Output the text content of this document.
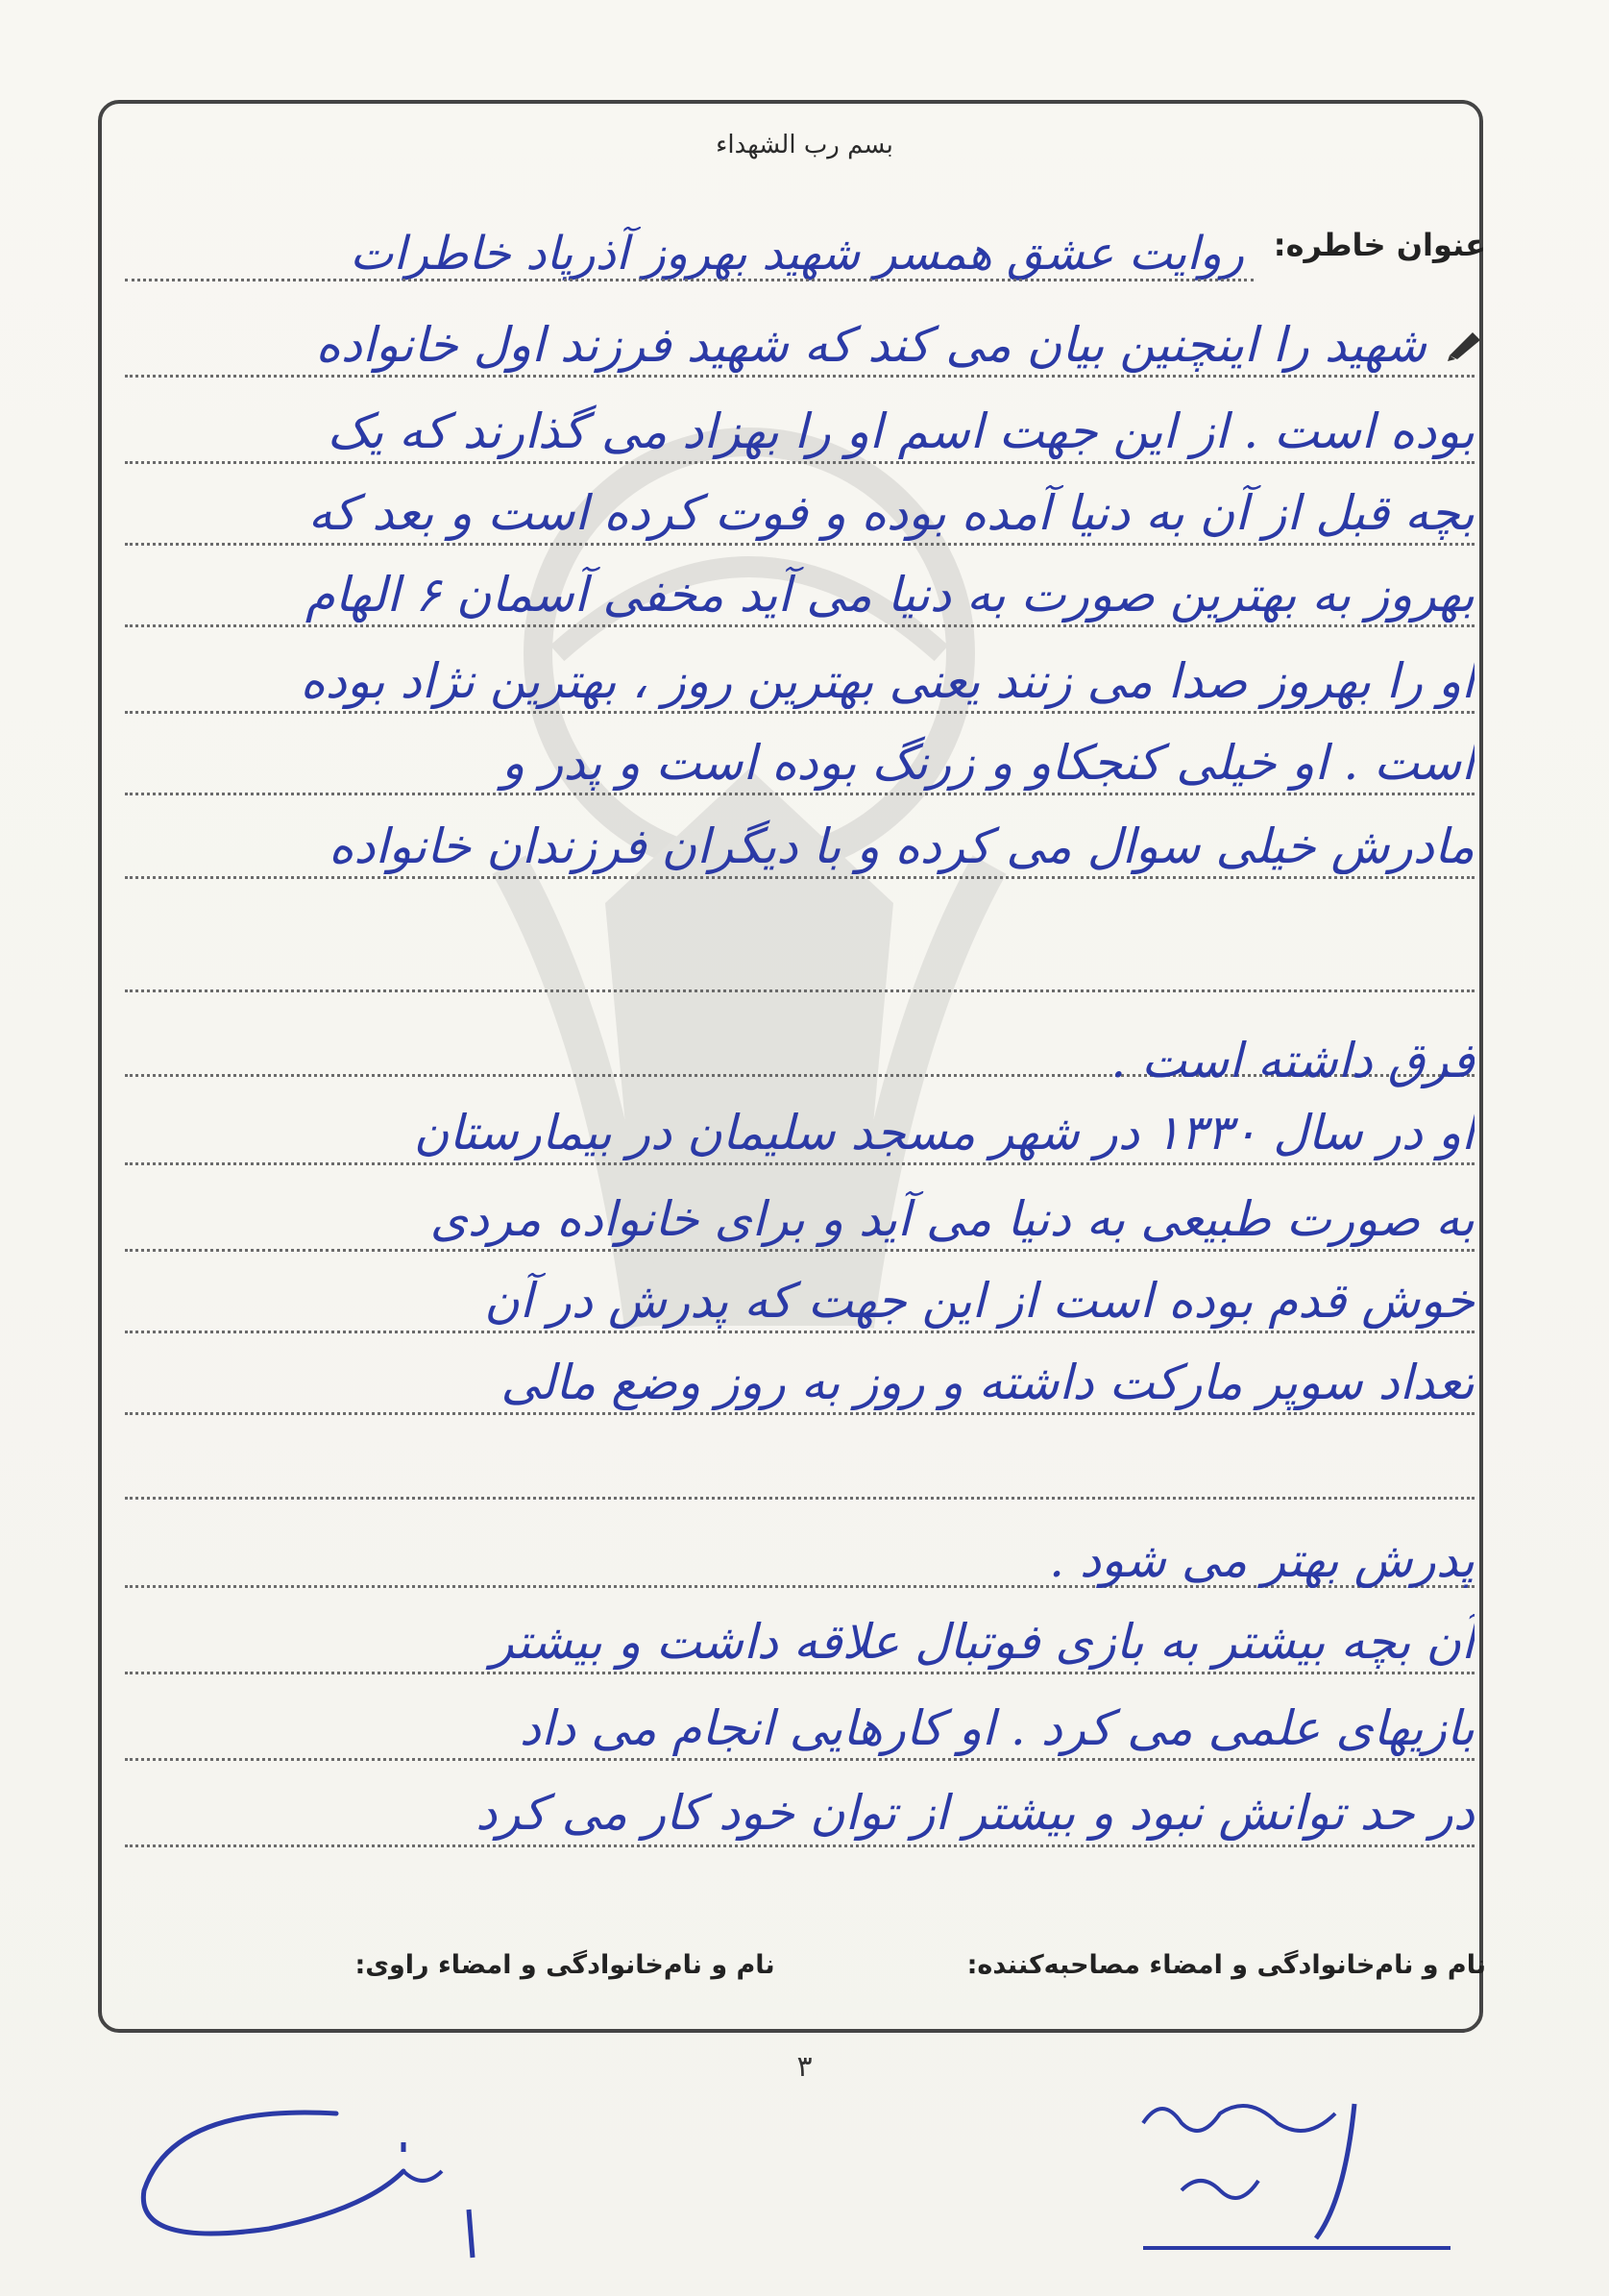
بسم رب الشهداء
عنوان خاطره:
روایت عشق همسر شهید بهروز آذرپاد خاطرات
شهید را اینچنین بیان می کند که شهید فرزند اول خانواده
بوده است . از این جهت اسم او را بهزاد می گذارند که یک
بچه قبل از آن به دنیا آمده بوده و فوت کرده است و بعد که
بهروز به بهترین صورت به دنیا می آید مخفی آسمان ۶ الهام
او را بهروز صدا می زنند یعنی بهترین روز ، بهترین نژاد بوده
است . او خیلی کنجکاو و زرنگ بوده است و پدر و
مادرش خیلی سوال می کرده و با دیگران فرزندان خانواده
فرق داشته است .
او در سال ۱۳۳۰ در شهر مسجد سلیمان در بیمارستان
به صورت طبیعی به دنیا می آید و برای خانواده مردی
خوش قدم بوده است از این جهت که پدرش در آن
تعداد سوپر مارکت داشته و روز به روز وضع مالی
پدرش بهتر می شود .
آن بچه بیشتر به بازی فوتبال علاقه داشت و بیشتر
بازیهای علمی می کرد . او کارهایی انجام می داد
در حد توانش نبود و بیشتر از توان خود کار می کرد
نام و نام‌خانوادگی و امضاء مصاحبه‌کننده:
نام و نام‌خانوادگی و امضاء راوی:
۳
